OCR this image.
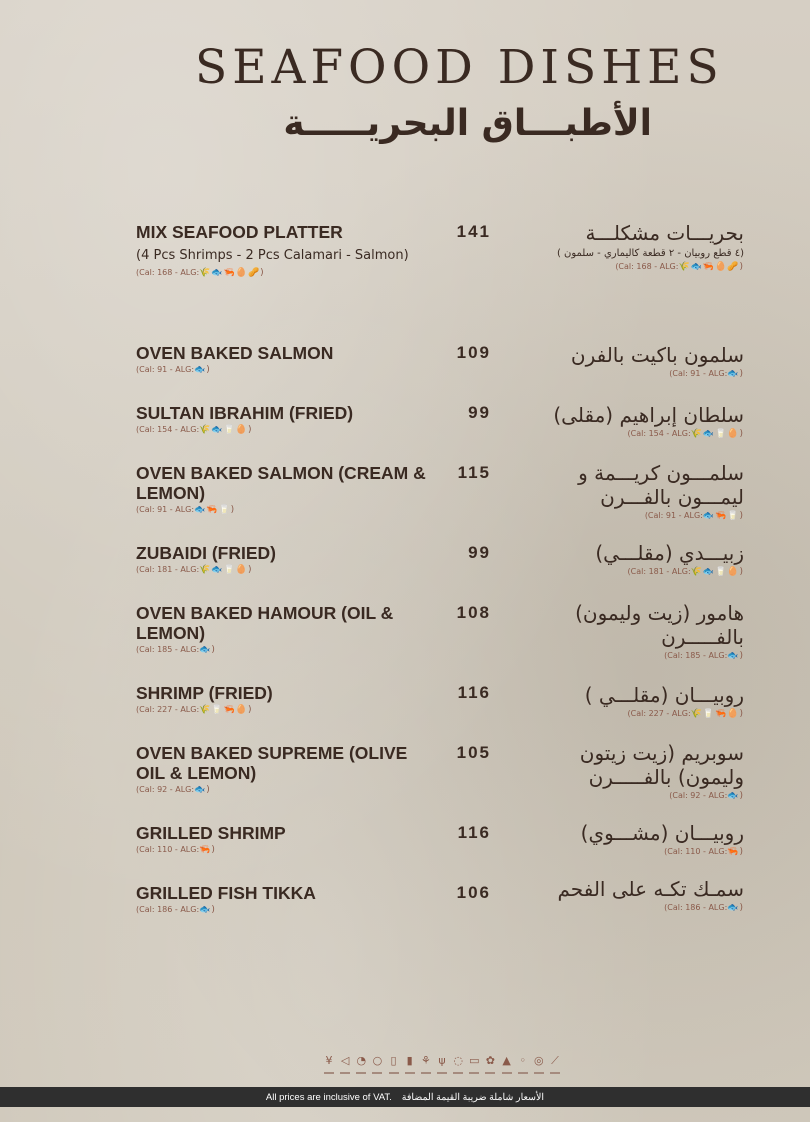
SEAFOOD DISHES
الأطبـــاق البحريـــــة
MIX SEAFOOD PLATTER
(4 Pcs Shrimps - 2 Pcs Calamari - Salmon)
(Cal: 168 - ALG:🌾🐟🦐🥚🥜)
141	بحريـــات مشكلـــة
(٤ قطع روبيان - ٢ قطعة كاليماري - سلمون )
(Cal: 168 - ALG:🌾🐟🦐🥚🥜)
OVEN BAKED SALMON
(Cal: 91 - ALG:🐟)
109	سلمون باكيت بالفرن
(Cal: 91 - ALG:🐟)
SULTAN IBRAHIM (FRIED)
(Cal: 154 - ALG:🌾🐟🥛🥚)
99	سلطان إبراهيم (مقلى)
(Cal: 154 - ALG:🌾🐟🥛🥚)
OVEN BAKED SALMON (CREAM & LEMON)
(Cal: 91 - ALG:🐟🦐🥛)
115	سلمـــون كريـــمة و ليمـــون بالفـــرن
(Cal: 91 - ALG:🐟🦐🥛)
ZUBAIDI (FRIED)
(Cal: 181 - ALG:🌾🐟🥛🥚)
99	زبيـــدي (مقلـــي)
(Cal: 181 - ALG:🌾🐟🥛🥚)
OVEN BAKED HAMOUR (OIL & LEMON)
(Cal: 185 - ALG:🐟)
108	هامور (زيت وليمون) بالفـــــرن
(Cal: 185 - ALG:🐟)
SHRIMP (FRIED)
(Cal: 227 - ALG:🌾🥛🦐🥚)
116	روبيـــان (مقلـــي )
(Cal: 227 - ALG:🌾🥛🦐🥚)
OVEN BAKED SUPREME (OLIVE OIL & LEMON)
(Cal: 92 - ALG:🐟)
105	سوبريم (زيت زيتون وليمون) بالفـــــرن
(Cal: 92 - ALG:🐟)
GRILLED SHRIMP
(Cal: 110 - ALG:🦐)
116	روبيـــان (مشـــوي)
(Cal: 110 - ALG:🦐)
GRILLED FISH TIKKA
(Cal: 186 - ALG:🐟)
106	سمـك تكـه على الفحم
(Cal: 186 - ALG:🐟)
¥ ◁ ◔ ○ ▯ ▮ ⚘ ψ ◌ ▭ ✿ ▲ ◦ ◎ ⟋
All prices are inclusive of VAT. الأسعار شاملة ضريبة القيمة المضافة
